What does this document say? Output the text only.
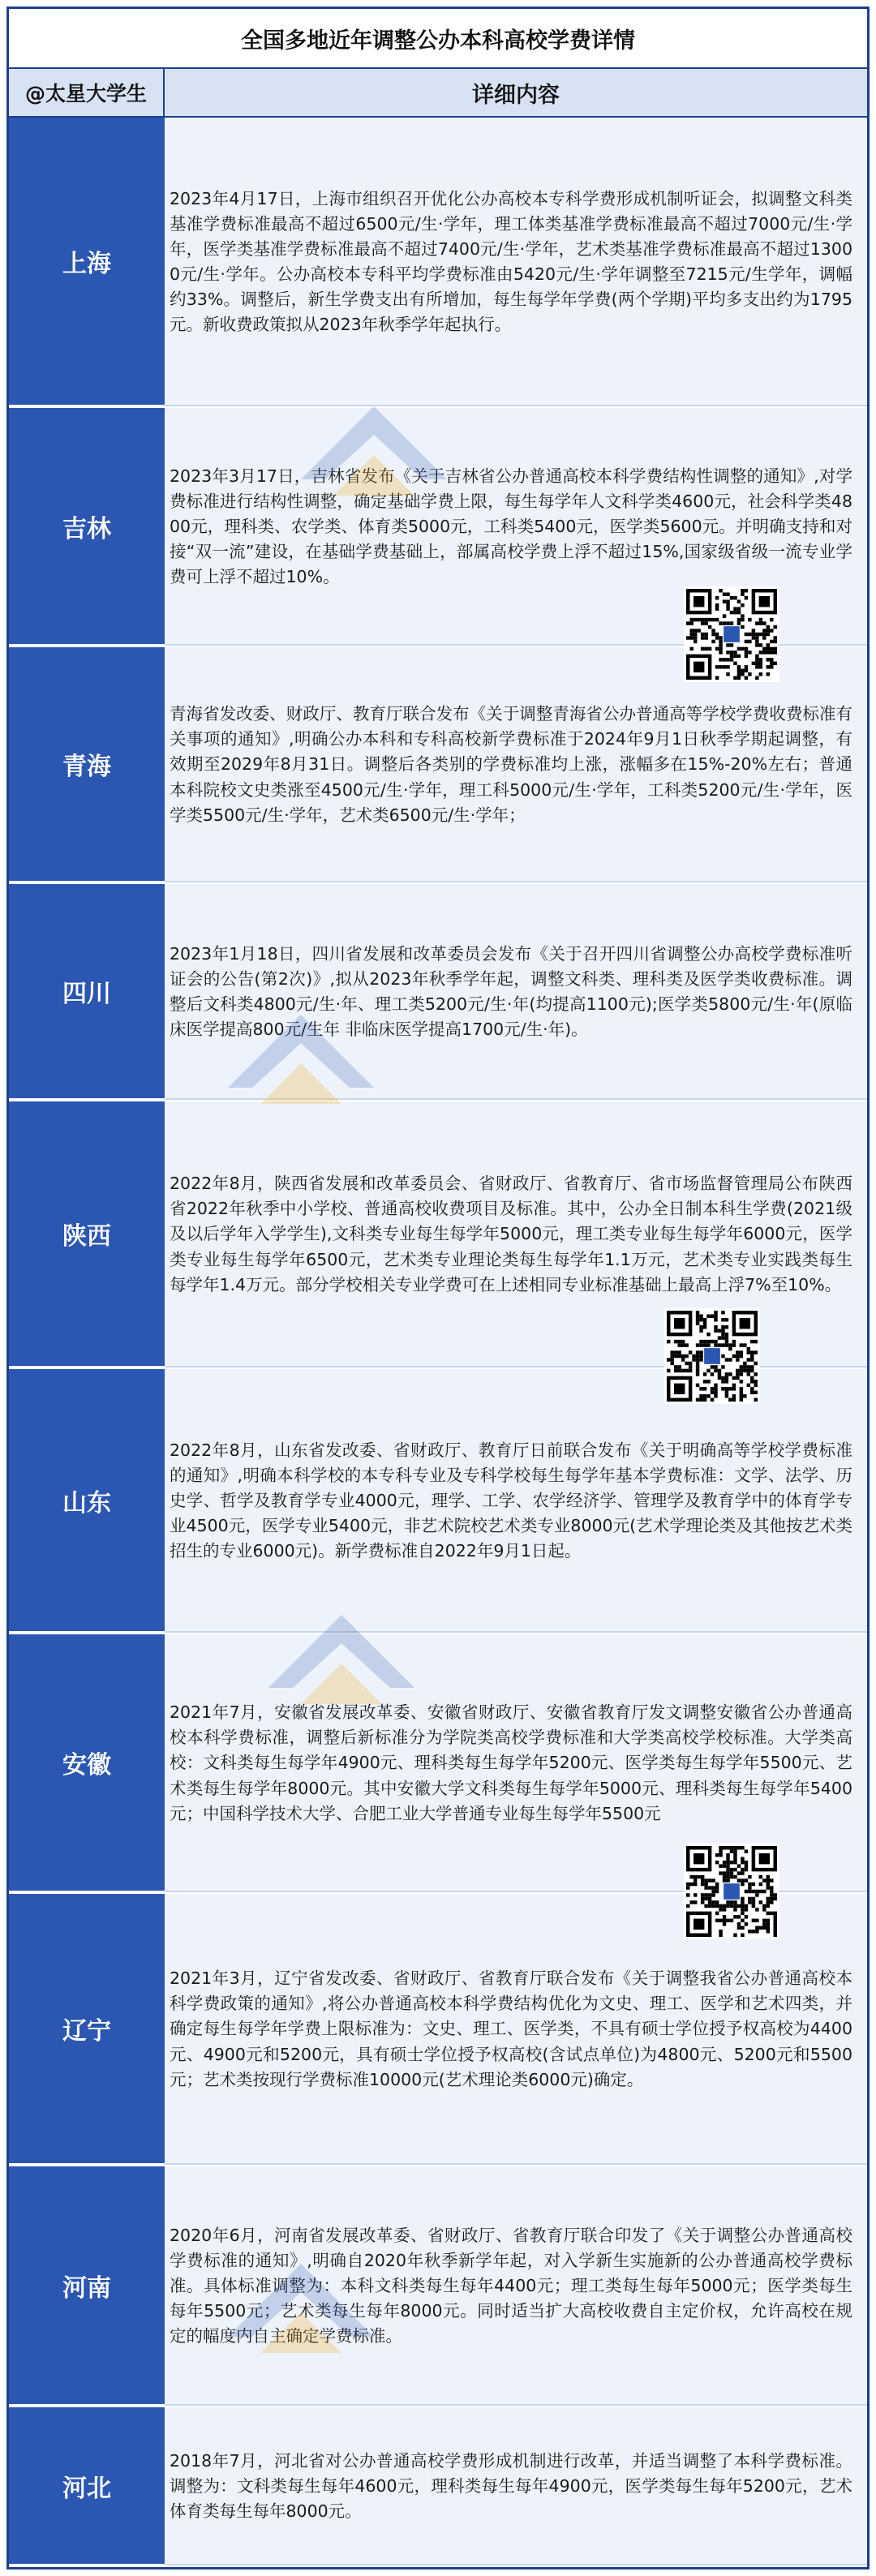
全国多地近年调整公办本科高校学费详情
@太星大学生	详细内容
上海

2023年4月17日，上海市组织召开优化公办高校本专科学费形成机制听证会，拟调整文科类基准学费标准最高不超过6500元/生·学年，理工体类基准学费标准最高不超过7000元/生·学年，医学类基准学费标准最高不超过7400元/生·学年，艺术类基准学费标准最高不超过13000元/生·学年。公办高校本专科平均学费标准由5420元/生·学年调整至7215元/生学年，调幅约33%。调整后，新生学费支出有所增加，每生每学年学费(两个学期)平均多支出约为1795元。新收费政策拟从2023年秋季学年起执行。

吉林

2023年3月17日，吉林省发布《关于吉林省公办普通高校本科学费结构性调整的通知》,对学费标准进行结构性调整，确定基础学费上限，每生每学年人文科学类4600元，社会科学类4800元，理科类、农学类、体育类5000元，工科类5400元，医学类5600元。并明确支持和对接“双一流”建设，在基础学费基础上，部属高校学费上浮不超过15%,国家级省级一流专业学费可上浮不超过10%。

青海

青海省发改委、财政厅、教育厅联合发布《关于调整青海省公办普通高等学校学费收费标准有关事项的通知》,明确公办本科和专科高校新学费标准于2024年9月1日秋季学期起调整，有效期至2029年8月31日。调整后各类别的学费标准均上涨，涨幅多在15%-20%左右；普通本科院校文史类涨至4500元/生·学年，理工科5000元/生·学年，工科类5200元/生·学年，医学类5500元/生·学年，艺术类6500元/生·学年；

四川

2023年1月18日，四川省发展和改革委员会发布《关于召开四川省调整公办高校学费标准听证会的公告(第2次)》,拟从2023年秋季学年起，调整文科类、理科类及医学类收费标准。调整后文科类4800元/生·年、理工类5200元/生·年(均提高1100元);医学类5800元/生·年(原临床医学提高800元/生年 非临床医学提高1700元/生·年)。

陕西

2022年8月，陕西省发展和改革委员会、省财政厅、省教育厅、省市场监督管理局公布陕西省2022年秋季中小学校、普通高校收费项目及标准。其中，公办全日制本科生学费(2021级及以后学年入学学生),文科类专业每生每学年5000元，理工类专业每生每学年6000元，医学类专业每生每学年6500元，艺术类专业理论类每生每学年1.1万元，艺术类专业实践类每生每学年1.4万元。部分学校相关专业学费可在上述相同专业标准基础上最高上浮7%至10%。

山东

2022年8月，山东省发改委、省财政厅、教育厅日前联合发布《关于明确高等学校学费标准的通知》,明确本科学校的本专科专业及专科学校每生每学年基本学费标准：文学、法学、历史学、哲学及教育学专业4000元，理学、工学、农学经济学、管理学及教育学中的体育学专业4500元，医学专业5400元，非艺术院校艺术类专业8000元(艺术学理论类及其他按艺术类招生的专业6000元)。新学费标准自2022年9月1日起。

安徽

2021年7月，安徽省发展改革委、安徽省财政厅、安徽省教育厅发文调整安徽省公办普通高校本科学费标准，调整后新标准分为学院类高校学费标准和大学类高校学校标准。大学类高校：文科类每生每学年4900元、理科类每生每学年5200元、医学类每生每学年5500元、艺术类每生每学年8000元。其中安徽大学文科类每生每学年5000元、理科类每生每学年5400元；中国科学技术大学、合肥工业大学普通专业每生每学年5500元

辽宁

2021年3月，辽宁省发改委、省财政厅、省教育厅联合发布《关于调整我省公办普通高校本科学费政策的通知》,将公办普通高校本科学费结构优化为文史、理工、医学和艺术四类，并确定每生每学年学费上限标准为：文史、理工、医学类，不具有硕士学位授予权高校为4400元、4900元和5200元，具有硕士学位授予权高校(含试点单位)为4800元、5200元和5500元；艺术类按现行学费标准10000元(艺术理论类6000元)确定。

河南

2020年6月，河南省发展改革委、省财政厅、省教育厅联合印发了《关于调整公办普通高校学费标准的通知》,明确自2020年秋季新学年起，对入学新生实施新的公办普通高校学费标准。具体标准调整为：本科文科类每生每年4400元；理工类每生每年5000元；医学类每生每年5500元；艺术类每生每年8000元。同时适当扩大高校收费自主定价权，允许高校在规定的幅度内自主确定学费标准。

河北

2018年7月，河北省对公办普通高校学费形成机制进行改革，并适当调整了本科学费标准。调整为：文科类每生每年4600元，理科类每生每年4900元，医学类每生每年5200元，艺术体育类每生每年8000元。
